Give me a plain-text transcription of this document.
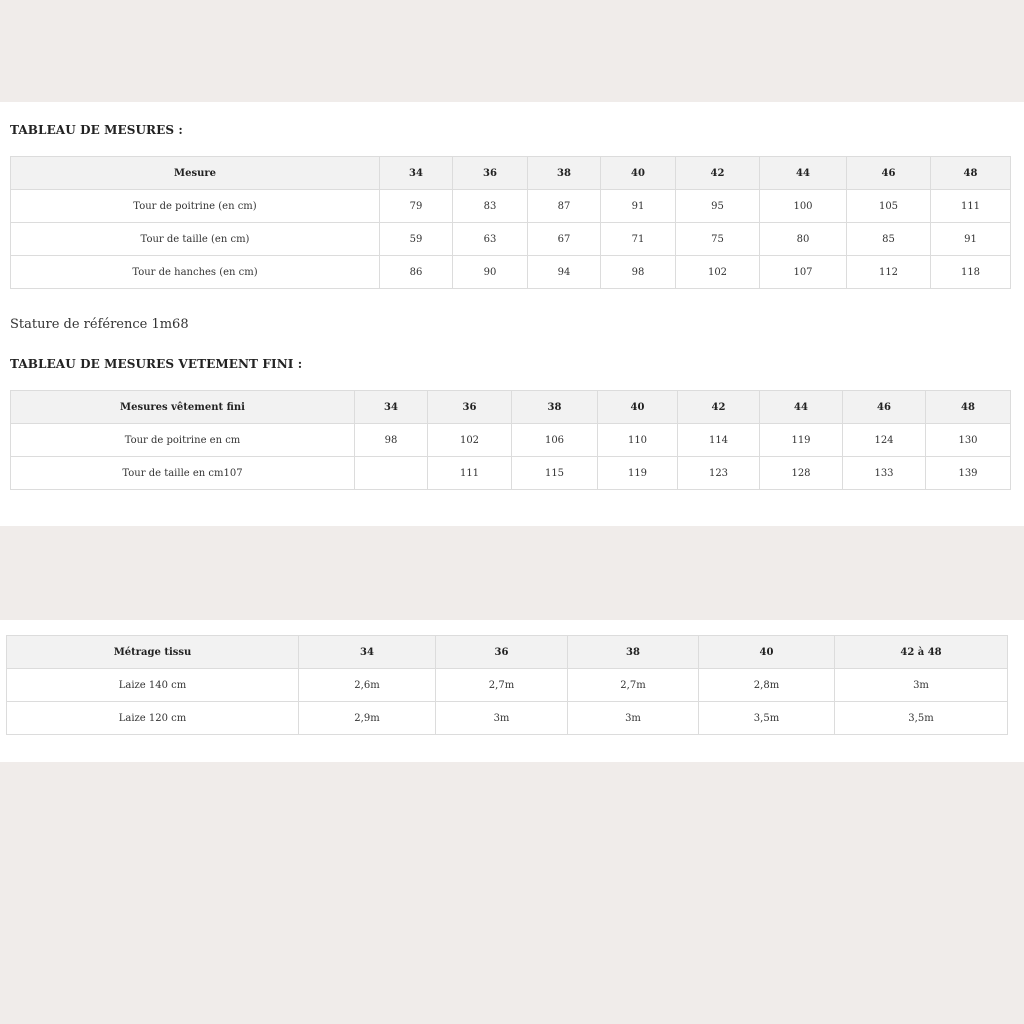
TABLEAU DE MESURES :
Mesure	34	36	38	40	42	44	46	48
Tour de poitrine (en cm)	79	83	87	91	95	100	105	111
Tour de taille (en cm)	59	63	67	71	75	80	85	91
Tour de hanches (en cm)	86	90	94	98	102	107	112	118

Stature de référence 1m68

TABLEAU DE MESURES VETEMENT FINI :
Mesures vêtement fini	34	36	38	40	42	44	46	48
Tour de poitrine en cm	98	102	106	110	114	119	124	130
Tour de taille en cm107		111	115	119	123	128	133	139
Métrage tissu	34	36	38	40	42 à 48
Laize 140 cm	2,6m	2,7m	2,7m	2,8m	3m
Laize 120 cm	2,9m	3m	3m	3,5m	3,5m
